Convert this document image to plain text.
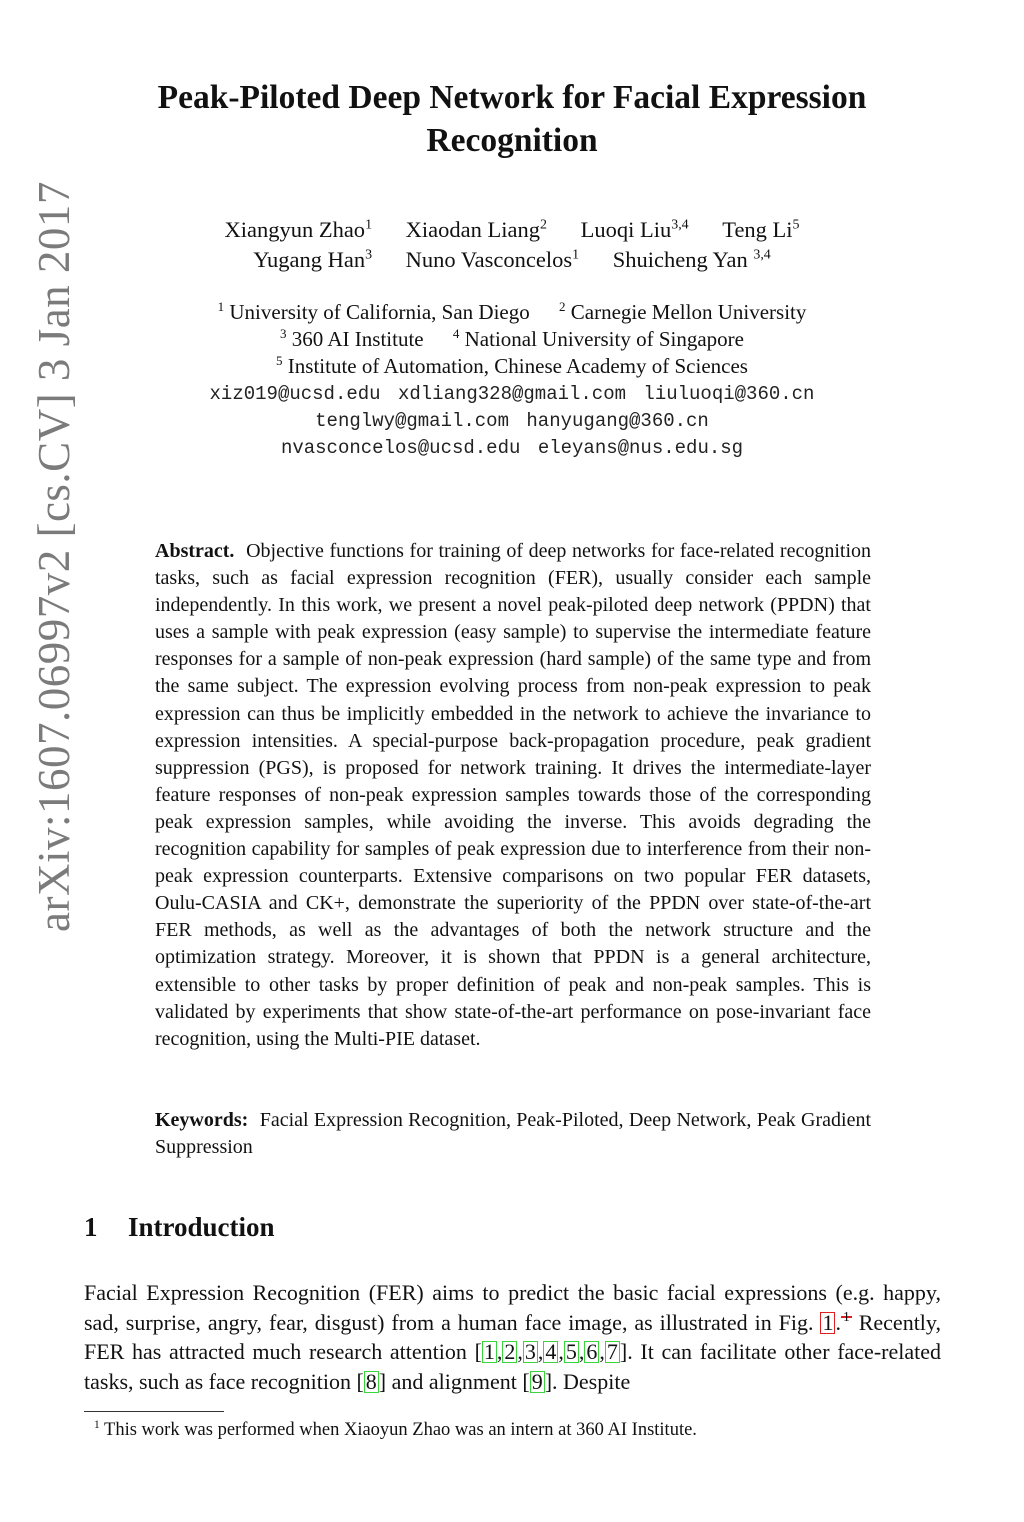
arXiv:1607.06997v2 [cs.CV] 3 Jan 2017
Peak-Piloted Deep Network for Facial Expression
Recognition
Xiangyun Zhao$^1$ Xiaodan Liang$^2$ Luoqi Liu$^{3,4}$ Teng Li$^5$
Yugang Han$^3$ Nuno Vasconcelos$^1$ Shuicheng Yan $^{3,4}$
$^1$ University of California, San Diego $^2$ Carnegie Mellon University
$^3$ 360 AI Institute $^4$ National University of Singapore
$^5$ Institute of Automation, Chinese Academy of Sciences
xiz019@ucsd.edu xdliang328@gmail.com liuluoqi@360.cn
tenglwy@gmail.com hanyugang@360.cn
nvasconcelos@ucsd.edu eleyans@nus.edu.sg
Abstract. Objective functions for training of deep networks for face-related recognition tasks, such as facial expression recognition (FER), usually consider each sample independently. In this work, we present a novel peak-piloted deep network (PPDN) that uses a sample with peak expression (easy sample) to supervise the intermediate feature responses for a sample of non-peak expression (hard sample) of the same type and from the same subject. The expression evolving process from non-peak expression to peak expression can thus be implicitly embedded in the network to achieve the invariance to expression intensities. A special-purpose back-propagation procedure, peak gradient suppression (PGS), is proposed for network training. It drives the intermediate-layer feature responses of non-peak expression samples towards those of the corresponding peak expression samples, while avoiding the inverse. This avoids degrading the recognition capability for samples of peak expression due to interference from their non-peak expression counterparts. Extensive comparisons on two popular FER datasets, Oulu-CASIA and CK+, demonstrate the superiority of the PPDN over state-of-the-art FER methods, as well as the advantages of both the network structure and the optimization strategy. Moreover, it is shown that PPDN is a general architecture, extensible to other tasks by proper definition of peak and non-peak samples. This is validated by experiments that show state-of-the-art performance on pose-invariant face recognition, using the Multi-PIE dataset.
Keywords: Facial Expression Recognition, Peak-Piloted, Deep Network, Peak Gradient Suppression
1 Introduction
Facial Expression Recognition (FER) aims to predict the basic facial expressions (e.g. happy, sad, surprise, angry, fear, disgust) from a human face image, as illustrated in Fig. 1. 1 Recently, FER has attracted much research attention [1,2,3,4,5,6,7]. It can facilitate other face-related tasks, such as face recognition [8] and alignment [9]. Despite
$^1$ This work was performed when Xiaoyun Zhao was an intern at 360 AI Institute.
